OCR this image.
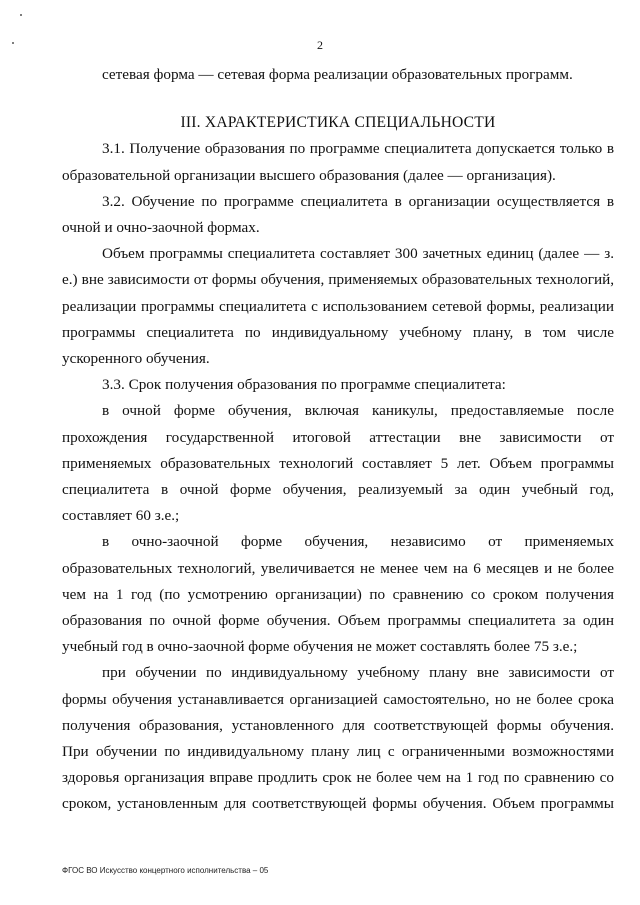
2

сетевая форма — сетевая форма реализации образовательных программ.

III. ХАРАКТЕРИСТИКА СПЕЦИАЛЬНОСТИ

3.1. Получение образования по программе специалитета допускается только в образовательной организации высшего образования (далее — организация).

3.2. Обучение по программе специалитета в организации осуществляется в очной и очно-заочной формах.

Объем программы специалитета составляет 300 зачетных единиц (далее — з. е.) вне зависимости от формы обучения, применяемых образовательных технологий, реализации программы специалитета с использованием сетевой формы, реализации программы специалитета по индивидуальному учебному плану, в том числе ускоренного обучения.

3.3. Срок получения образования по программе специалитета:

в очной форме обучения, включая каникулы, предоставляемые после прохождения государственной итоговой аттестации вне зависимости от применяемых образовательных технологий составляет 5 лет. Объем программы специалитета в очной форме обучения, реализуемый за один учебный год, составляет 60 з.е.;

в очно-заочной форме обучения, независимо от применяемых образовательных технологий, увеличивается не менее чем на 6 месяцев и не более чем на 1 год (по усмотрению организации) по сравнению со сроком получения образования по очной форме обучения. Объем программы специалитета за один учебный год в очно-заочной форме обучения не может составлять более 75 з.е.;

при обучении по индивидуальному учебному плану вне зависимости от формы обучения устанавливается организацией самостоятельно, но не более срока получения образования, установленного для соответствующей формы обучения. При обучении по индивидуальному плану лиц с ограниченными возможностями здоровья организация вправе продлить срок не более чем на 1 год по сравнению со сроком, установленным для соответствующей формы обучения. Объем программы

ФГОС ВО Искусство концертного исполнительства – 05
